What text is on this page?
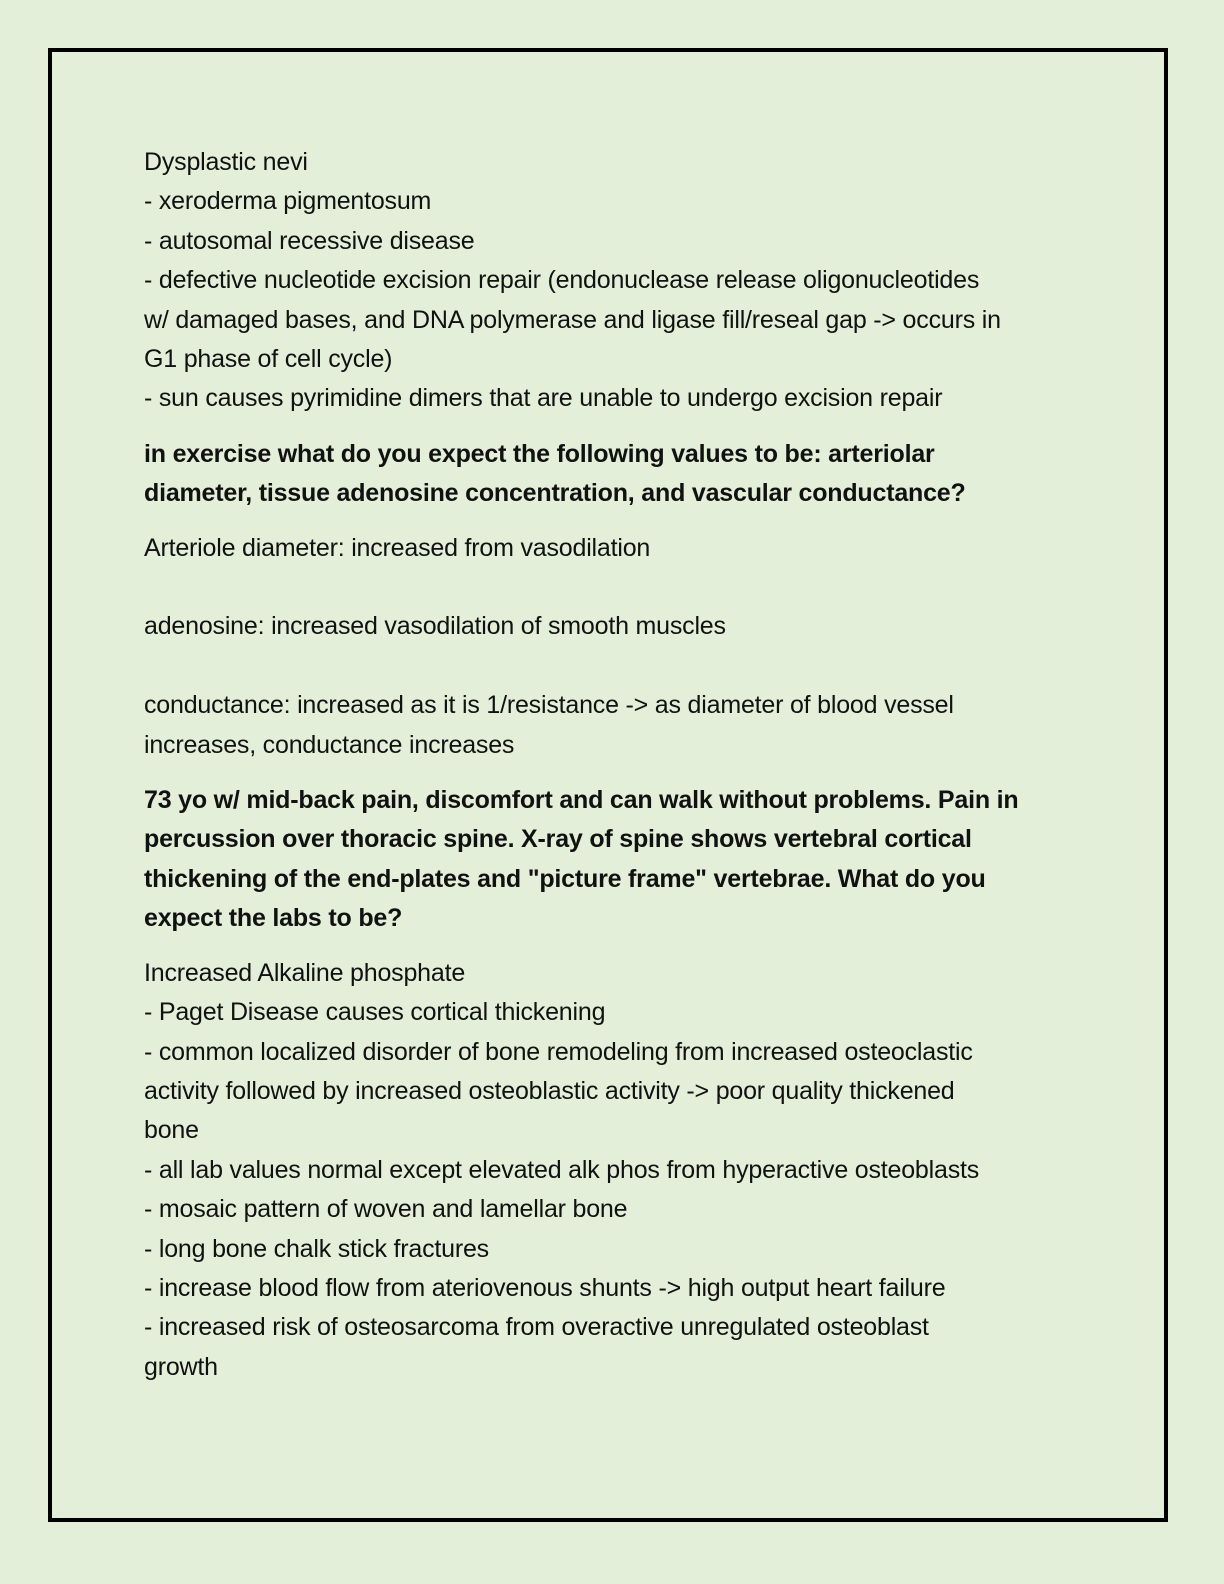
Dysplastic nevi

- xeroderma pigmentosum

- autosomal recessive disease

- defective nucleotide excision repair (endonuclease release oligonucleotides

w/ damaged bases, and DNA polymerase and ligase fill/reseal gap -> occurs in

G1 phase of cell cycle)

- sun causes pyrimidine dimers that are unable to undergo excision repair

in exercise what do you expect the following values to be: arteriolar

diameter, tissue adenosine concentration, and vascular conductance?

Arteriole diameter: increased from vasodilation

adenosine: increased vasodilation of smooth muscles

conductance: increased as it is 1/resistance -> as diameter of blood vessel

increases, conductance increases

73 yo w/ mid-back pain, discomfort and can walk without problems. Pain in

percussion over thoracic spine. X-ray of spine shows vertebral cortical

thickening of the end-plates and "picture frame" vertebrae. What do you

expect the labs to be?

Increased Alkaline phosphate

- Paget Disease causes cortical thickening

- common localized disorder of bone remodeling from increased osteoclastic

activity followed by increased osteoblastic activity -> poor quality thickened

bone

- all lab values normal except elevated alk phos from hyperactive osteoblasts

- mosaic pattern of woven and lamellar bone

- long bone chalk stick fractures

- increase blood flow from ateriovenous shunts -> high output heart failure

- increased risk of osteosarcoma from overactive unregulated osteoblast

growth
